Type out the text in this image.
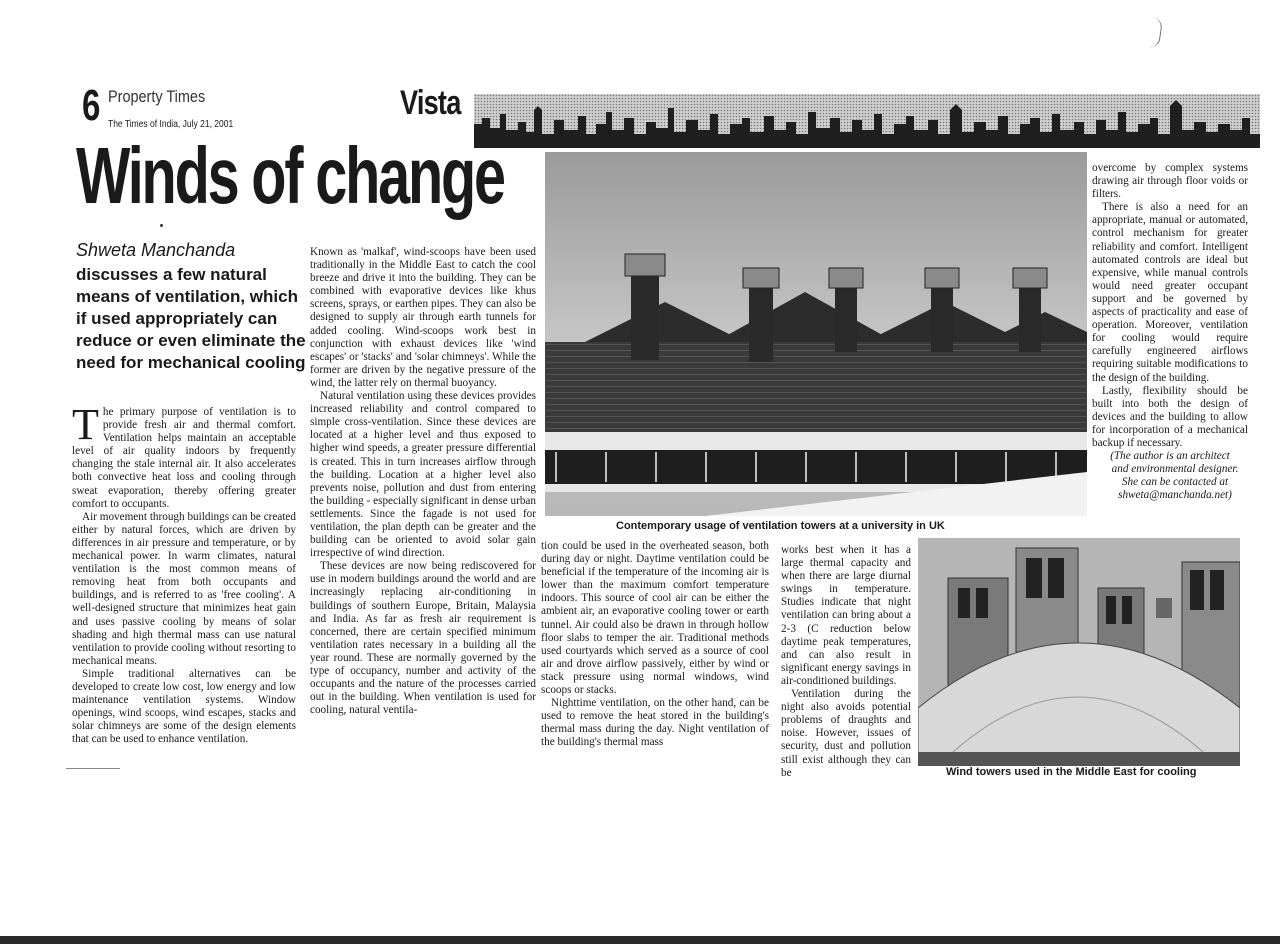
6 Property Times
The Times of India, July 21, 2001
Vista
Winds of change
Shweta Manchanda
discusses a few natural means of ventilation, which if used appropriately can reduce or even eliminate the need for mechanical cooling

The primary purpose of ventilation is to provide fresh air and thermal comfort. Ventilation helps maintain an acceptable level of air quality indoors by frequently changing the stale internal air. It also accelerates both convective heat loss and cooling through sweat evaporation, thereby offering greater comfort to occupants.

Air movement through buildings can be created either by natural forces, which are driven by differences in air pressure and temperature, or by mechanical power. In warm climates, natural ventilation is the most common means of removing heat from both occupants and buildings, and is referred to as 'free cooling'. A well-designed structure that minimizes heat gain and uses passive cooling by means of solar shading and high thermal mass can use natural ventilation to provide cooling without resorting to mechanical means.

Simple traditional alternatives can be developed to create low cost, low energy and low maintenance ventilation systems. Window openings, wind scoops, wind escapes, stacks and solar chimneys are some of the design elements that can be used to enhance ventilation.

Known as 'malkaf', wind-scoops have been used traditionally in the Middle East to catch the cool breeze and drive it into the building. They can be combined with evaporative devices like khus screens, sprays, or earthen pipes. They can also be designed to supply air through earth tunnels for added cooling. Wind-scoops work best in conjunction with exhaust devices like 'wind escapes' or 'stacks' and 'solar chimneys'. While the former are driven by the negative pressure of the wind, the latter rely on thermal buoyancy.

Natural ventilation using these devices provides increased reliability and control compared to simple cross-ventilation. Since these devices are located at a higher level and thus exposed to higher wind speeds, a greater pressure differential is created. This in turn increases airflow through the building. Location at a higher level also prevents noise, pollution and dust from entering the building - especially significant in dense urban settlements. Since the fagade is not used for ventilation, the plan depth can be greater and the building can be oriented to avoid solar gain irrespective of wind direction.

These devices are now being rediscovered for use in modern buildings around the world and are increasingly replacing air-conditioning in buildings of southern Europe, Britain, Malaysia and India. As far as fresh air requirement is concerned, there are certain specified minimum ventilation rates necessary in a building all the year round. These are normally governed by the type of occupancy, number and activity of the occupants and the nature of the processes carried out in the building. When ventilation is used for cooling, natural ventila-

Contemporary usage of ventilation towers at a university in UK

tion could be used in the overheated season, both during day or night. Daytime ventilation could be beneficial if the temperature of the incoming air is lower than the maximum comfort temperature indoors. This source of cool air can be either the ambient air, an evaporative cooling tower or earth tunnel. Air could also be drawn in through hollow floor slabs to temper the air. Traditional methods used courtyards which served as a source of cool air and drove airflow passively, either by wind or stack pressure using normal windows, wind scoops or stacks.

Nighttime ventilation, on the other hand, can be used to remove the heat stored in the building's thermal mass during the day. Night ventilation of the building's thermal mass

works best when it has a large thermal capacity and when there are large diurnal swings in temperature. Studies indicate that night ventilation can bring about a 2-3 (C reduction below daytime peak temperatures, and can also result in significant energy savings in air-conditioned buildings.

Ventilation during the night also avoids potential problems of draughts and noise. However, issues of security, dust and pollution still exist although they can be	Wind towers used in the Middle East for cooling

overcome by complex systems drawing air through floor voids or filters.

There is also a need for an appropriate, manual or automated, control mechanism for greater reliability and comfort. Intelligent automated controls are ideal but expensive, while manual controls would need greater occupant support and be governed by aspects of practicality and ease of operation. Moreover, ventilation for cooling would require carefully engineered airflows requiring suitable modifications to the design of the building.

Lastly, flexibility should be built into both the design of devices and the building to allow for incorporation of a mechanical backup if necessary.

(The author is an architect

and environmental designer.

She can be contacted at

shweta@manchanda.net)
